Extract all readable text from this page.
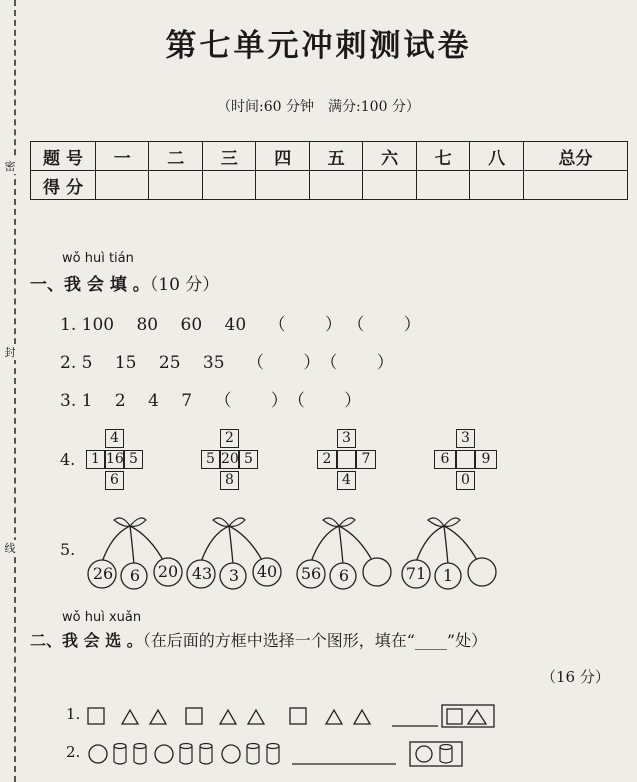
密
封
线
第七单元冲刺测试卷
（时间:60 分钟　满分:100 分）
题 号	一	二	三	四	五	六	七	八	总分
得 分									
wǒ huì tián
一、我 会 填 。（10 分）
1. 100　 80　 60　 40　 （　　 ） （　　 ）
2. 5　 15　 25　 35　 （　　 ）　（　　 ）
3. 1　 2　 4　 7　 （　　 ）　（　　 ）
4.
4
1 16 5
6
2
5 20 5
8
3
2	7
4
3
6	9
0
5.
26	6	20 43	3	40 56	6	71	1
wǒ huì xuǎn
二、我 会 选 。（在后面的方框中选择一个图形，填在“____”处）
（16 分）
1.
2.
